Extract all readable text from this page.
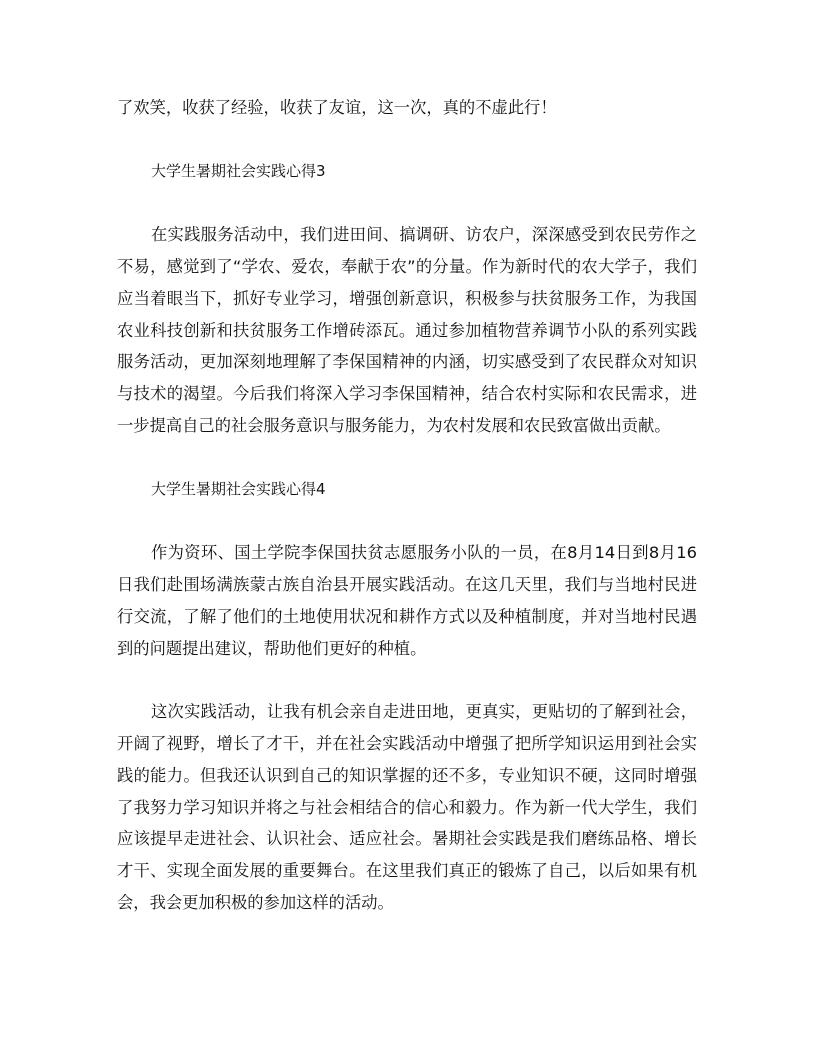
了欢笑，收获了经验，收获了友谊，这一次，真的不虚此行！

大学生暑期社会实践心得3

在实践服务活动中，我们进田间、搞调研、访农户，深深感受到农民劳作之不易，感觉到了“学农、爱农，奉献于农”的分量。作为新时代的农大学子，我们应当着眼当下，抓好专业学习，增强创新意识，积极参与扶贫服务工作，为我国农业科技创新和扶贫服务工作增砖添瓦。通过参加植物营养调节小队的系列实践服务活动，更加深刻地理解了李保国精神的内涵，切实感受到了农民群众对知识与技术的渴望。今后我们将深入学习李保国精神，结合农村实际和农民需求，进一步提高自己的社会服务意识与服务能力，为农村发展和农民致富做出贡献。

大学生暑期社会实践心得4

作为资环、国土学院李保国扶贫志愿服务小队的一员，在8月14日到8月16日我们赴围场满族蒙古族自治县开展实践活动。在这几天里，我们与当地村民进行交流，了解了他们的土地使用状况和耕作方式以及种植制度，并对当地村民遇到的问题提出建议，帮助他们更好的种植。

这次实践活动，让我有机会亲自走进田地，更真实，更贴切的了解到社会，开阔了视野，增长了才干，并在社会实践活动中增强了把所学知识运用到社会实践的能力。但我还认识到自己的知识掌握的还不多，专业知识不硬，这同时增强了我努力学习知识并将之与社会相结合的信心和毅力。作为新一代大学生，我们应该提早走进社会、认识社会、适应社会。暑期社会实践是我们磨练品格、增长才干、实现全面发展的重要舞台。在这里我们真正的锻炼了自己，以后如果有机会，我会更加积极的参加这样的活动。
